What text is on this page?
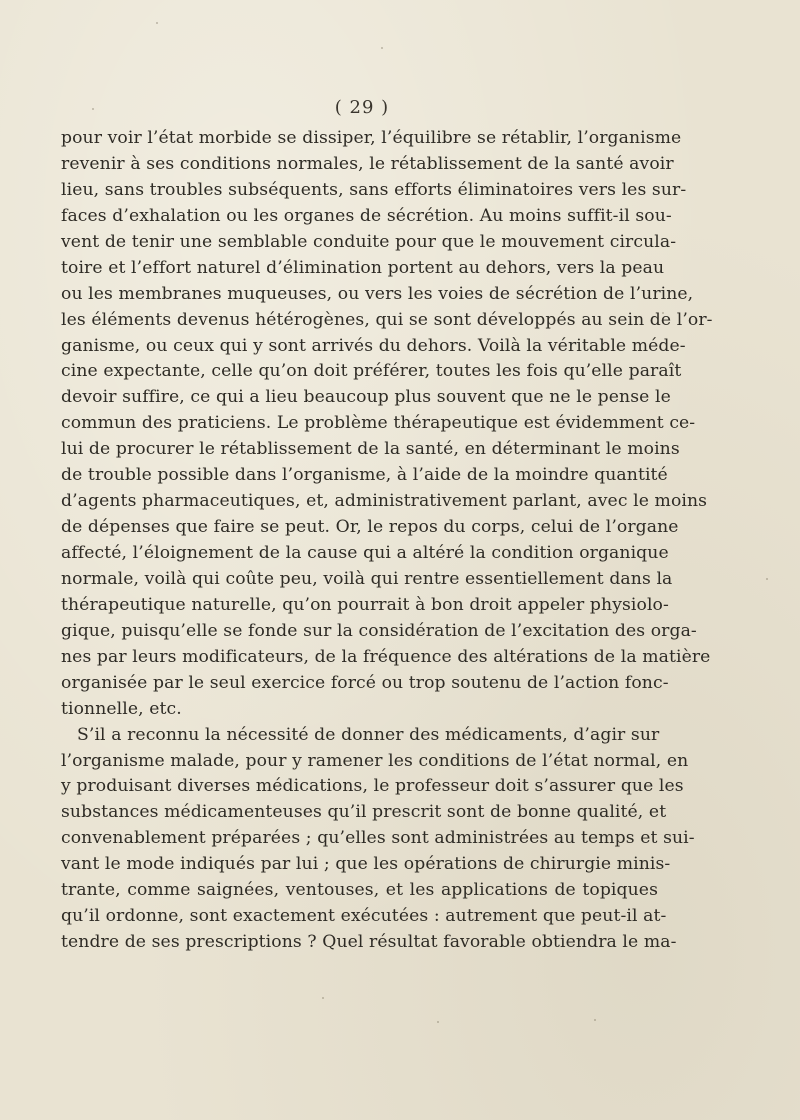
( 29 )
pour voir l’état morbide se dissiper, l’équilibre se rétablir, l’organisme
revenir à ses conditions normales, le rétablissement de la santé avoir
lieu, sans troubles subséquents, sans efforts éliminatoires vers les sur-
faces d’exhalation ou les organes de sécrétion. Au moins suffit-il sou-
vent de tenir une semblable conduite pour que le mouvement circula-
toire et l’effort naturel d’élimination portent au dehors, vers la peau
ou les membranes muqueuses, ou vers les voies de sécrétion de l’urine,
les éléments devenus hétérogènes, qui se sont développés au sein de l’or-
ganisme, ou ceux qui y sont arrivés du dehors. Voilà la véritable méde-
cine expectante, celle qu’on doit préférer, toutes les fois qu’elle paraît
devoir suffire, ce qui a lieu beaucoup plus souvent que ne le pense le
commun des praticiens. Le problème thérapeutique est évidemment ce-
lui de procurer le rétablissement de la santé, en déterminant le moins
de trouble possible dans l’organisme, à l’aide de la moindre quantité
d’agents pharmaceutiques, et, administrativement parlant, avec le moins
de dépenses que faire se peut. Or, le repos du corps, celui de l’organe
affecté, l’éloignement de la cause qui a altéré la condition organique
normale, voilà qui coûte peu, voilà qui rentre essentiellement dans la
thérapeutique naturelle, qu’on pourrait à bon droit appeler physiolo-
gique, puisqu’elle se fonde sur la considération de l’excitation des orga-
nes par leurs modificateurs, de la fréquence des altérations de la matière
organisée par le seul exercice forcé ou trop soutenu de l’action fonc-
tionnelle, etc.
S’il a reconnu la nécessité de donner des médicaments, d’agir sur
l’organisme malade, pour y ramener les conditions de l’état normal, en
y produisant diverses médications, le professeur doit s’assurer que les
substances médicamenteuses qu’il prescrit sont de bonne qualité, et
convenablement préparées ; qu’elles sont administrées au temps et sui-
vant le mode indiqués par lui ; que les opérations de chirurgie minis-
trante, comme saignées, ventouses, et les applications de topiques
qu’il ordonne, sont exactement exécutées : autrement que peut-il at-
tendre de ses prescriptions ? Quel résultat favorable obtiendra le ma-
